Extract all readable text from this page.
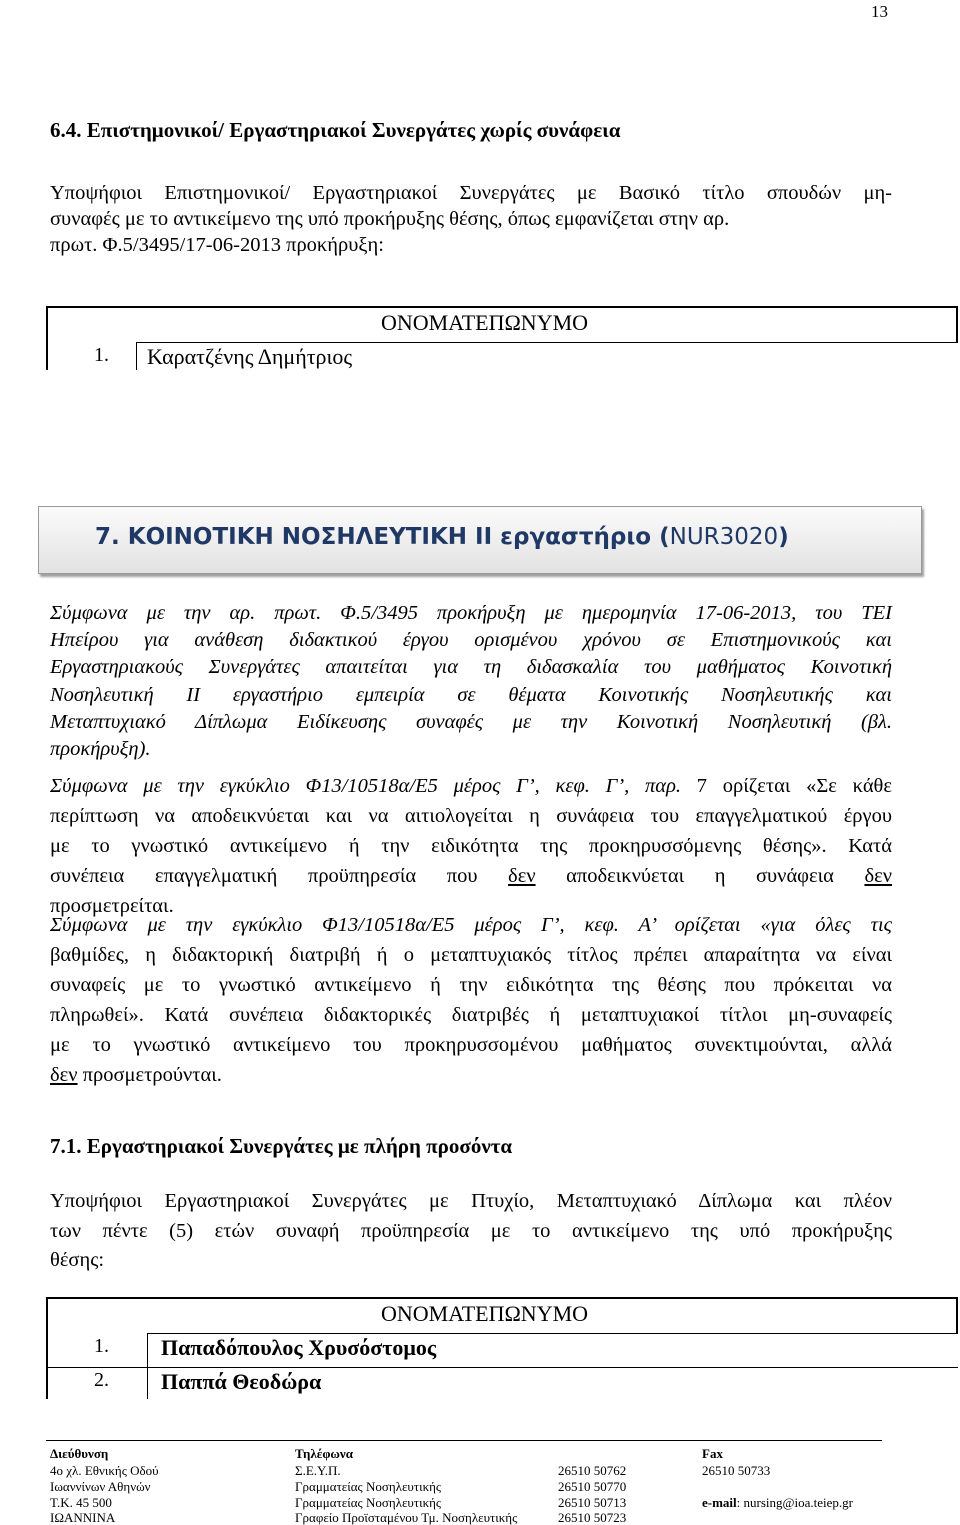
13
6.4. Επιστημονικοί/ Εργαστηριακοί Συνεργάτες χωρίς συνάφεια
Υποψήφιοι Επιστημονικοί/ Εργαστηριακοί Συνεργάτες με Βασικό τίτλο σπουδών μη-
συναφές με το αντικείμενο της υπό προκήρυξης θέσης, όπως εμφανίζεται στην αρ.
πρωτ. Φ.5/3495/17-06-2013 προκήρυξη:
ΟΝΟΜΑΤΕΠΩΝΥΜΟ
1. Καρατζένης Δημήτριος
7. ΚΟΙΝΟΤΙΚΗ ΝΟΣΗΛΕΥΤΙΚΗ ΙΙ εργαστήριο (NUR3020)
Σύμφωνα με την αρ. πρωτ. Φ.5/3495 προκήρυξη με ημερομηνία 17-06-2013, του ΤΕΙ
Ηπείρου για ανάθεση διδακτικού έργου ορισμένου χρόνου σε Επιστημονικούς και
Εργαστηριακούς Συνεργάτες απαιτείται για τη διδασκαλία του μαθήματος Κοινοτική
Νοσηλευτική ΙΙ εργαστήριο εμπειρία σε θέματα Κοινοτικής Νοσηλευτικής και
Μεταπτυχιακό Δίπλωμα Ειδίκευσης συναφές με την Κοινοτική Νοσηλευτική (βλ.
προκήρυξη).
Σύμφωνα με την εγκύκλιο Φ13/10518α/Ε5 μέρος Γ’, κεφ. Γ’, παρ. 7 ορίζεται «Σε κάθε
περίπτωση να αποδεικνύεται και να αιτιολογείται η συνάφεια του επαγγελματικού έργου
με το γνωστικό αντικείμενο ή την ειδικότητα της προκηρυσσόμενης θέσης». Κατά
συνέπεια επαγγελματική προϋπηρεσία που δεν αποδεικνύεται η συνάφεια δεν
προσμετρείται.
Σύμφωνα με την εγκύκλιο Φ13/10518α/Ε5 μέρος Γ’, κεφ. Α’ ορίζεται «για όλες τις
βαθμίδες, η διδακτορική διατριβή ή ο μεταπτυχιακός τίτλος πρέπει απαραίτητα να είναι
συναφείς με το γνωστικό αντικείμενο ή την ειδικότητα της θέσης που πρόκειται να
πληρωθεί». Κατά συνέπεια διδακτορικές διατριβές ή μεταπτυχιακοί τίτλοι μη-συναφείς
με το γνωστικό αντικείμενο του προκηρυσσομένου μαθήματος συνεκτιμούνται, αλλά
δεν προσμετρούνται.
7.1. Εργαστηριακοί Συνεργάτες με πλήρη προσόντα
Υποψήφιοι Εργαστηριακοί Συνεργάτες με Πτυχίο, Μεταπτυχιακό Δίπλωμα και πλέον
των πέντε (5) ετών συναφή προϋπηρεσία με το αντικείμενο της υπό προκήρυξης
θέσης:
ΟΝΟΜΑΤΕΠΩΝΥΜΟ
1. Παπαδόπουλος Χρυσόστομος
2. Παππά Θεοδώρα
Διεύθυνση	Τηλέφωνα	Fax
4ο χλ. Εθνικής Οδού	Σ.Ε.Υ.Π.	26510 50762	26510 50733
Ιωαννίνων Αθηνών	Γραμματείας Νοσηλευτικής	26510 50770
Τ.Κ. 45 500	Γραμματείας Νοσηλευτικής	26510 50713	e-mail: nursing@ioa.teiep.gr
ΙΩΑΝΝΙΝΑ	Γραφείο Προϊσταμένου Τμ. Νοσηλευτικής	26510 50723
